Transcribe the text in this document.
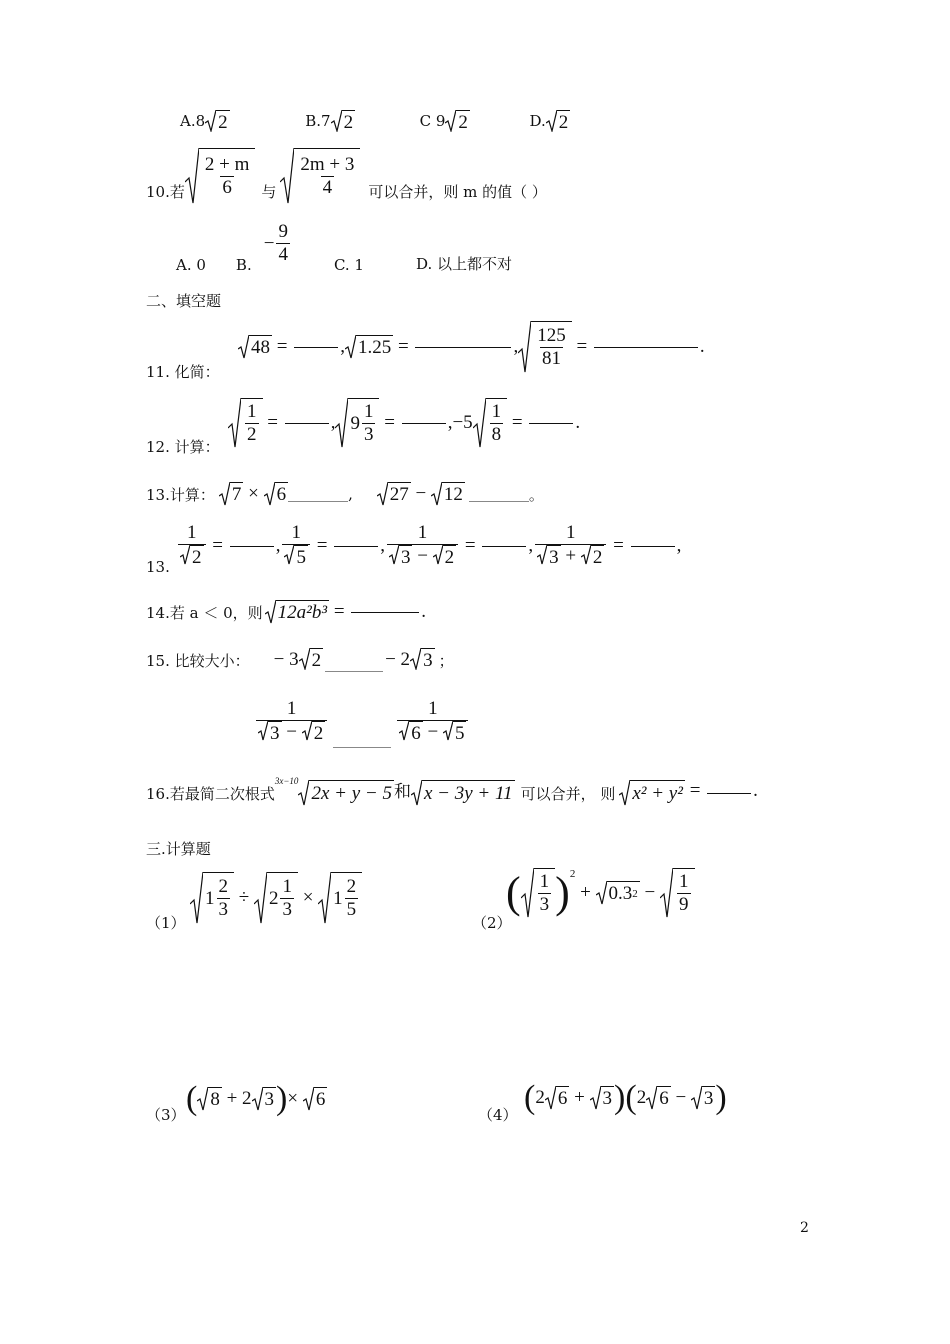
A.8 2	B.7 2	C 9 2	D. 2
10.若 $\frac{2 + m}{6}$ 与 $\frac{2m + 3}{4}$ 可以合并，则 m 的值（ ）
A. 0 B.
− $\frac{9}{4}$	C. 1	D. 以上都不对
二、填空题
11. 化简：
48 =	, 1.25 =	, $\frac{125}{81}$ =	.
12. 计算：
$\frac{1}{2}$ =	, $9 \frac{1}{3}$ =	, $-5 \frac{1}{8}$ =	.
13.计算： 7 × 6	, 27 − 12	。
13. $\frac{1}{2}$ =	, $\frac{1}{5}$ =	, $\frac{1}{3 - 2}$ =	, $\frac{1}{3 + 2}$ =	,
14.若 a ＜ 0，则 12a²b³ =	.
15. 比较大小： − 3 2	− 2 3 ；
$\frac{1}{3 - 2}$	$\frac{1}{6 - 5}$
16.若最简二次根式
3x−10
2x + y − 5 和 x − 3y + 11 可以合并， 则 x² + y² =	.
三.计算题
（1）
$1 \frac{2}{3} \div 2 \frac{1}{3} \times 1 \frac{2}{5}$
（2）
( $\frac{1}{3}$ ) 2
+ 0.3 $2 - \frac{1}{9}$
（3） ( 8 + 2 3 ) × 6
（4） ( 2 6 + 3 )( 2 6 − 3 )
2
